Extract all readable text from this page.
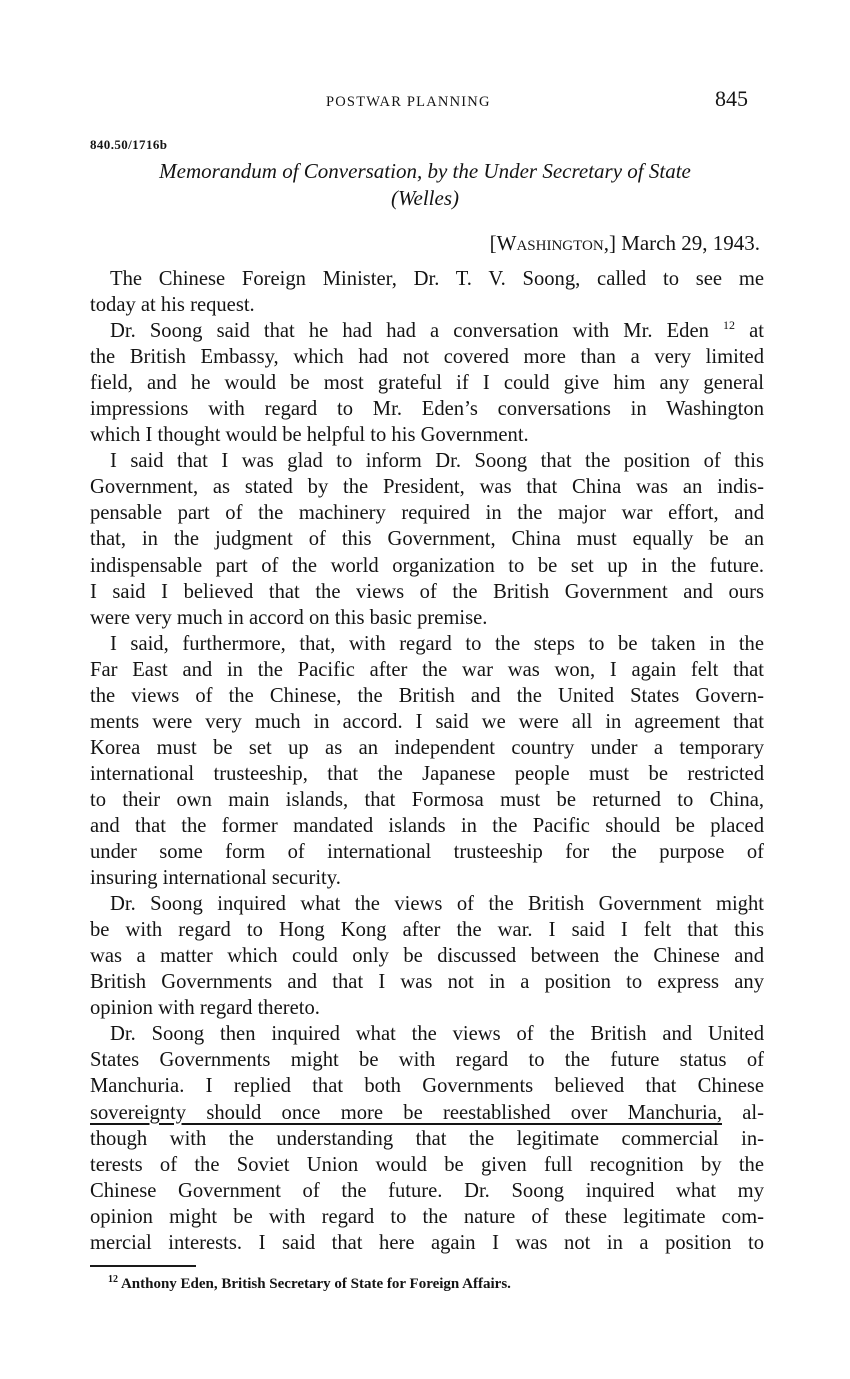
POSTWAR PLANNING	845
840.50/1716b
Memorandum of Conversation, by the Under Secretary of State
(Welles)
[Washington,] March 29, 1943.
The Chinese Foreign Minister, Dr. T. V. Soong, called to see me
today at his request.
Dr. Soong said that he had had a conversation with Mr. Eden $^{12}$ at
the British Embassy, which had not covered more than a very limited
field, and he would be most grateful if I could give him any general
impressions with regard to Mr. Eden’s conversations in Washington
which I thought would be helpful to his Government.
I said that I was glad to inform Dr. Soong that the position of this
Government, as stated by the President, was that China was an indis-
pensable part of the machinery required in the major war effort, and
that, in the judgment of this Government, China must equally be an
indispensable part of the world organization to be set up in the future.
I said I believed that the views of the British Government and ours
were very much in accord on this basic premise.
I said, furthermore, that, with regard to the steps to be taken in the
Far East and in the Pacific after the war was won, I again felt that
the views of the Chinese, the British and the United States Govern-
ments were very much in accord. I said we were all in agreement that
Korea must be set up as an independent country under a temporary
international trusteeship, that the Japanese people must be restricted
to their own main islands, that Formosa must be returned to China,
and that the former mandated islands in the Pacific should be placed
under some form of international trusteeship for the purpose of
insuring international security.
Dr. Soong inquired what the views of the British Government might
be with regard to Hong Kong after the war. I said I felt that this
was a matter which could only be discussed between the Chinese and
British Governments and that I was not in a position to express any
opinion with regard thereto.
Dr. Soong then inquired what the views of the British and United
States Governments might be with regard to the future status of
Manchuria. I replied that both Governments believed that Chinese
sovereignty should once more be reestablished over Manchuria, al-
though with the understanding that the legitimate commercial in-
terests of the Soviet Union would be given full recognition by the
Chinese Government of the future. Dr. Soong inquired what my
opinion might be with regard to the nature of these legitimate com-
mercial interests. I said that here again I was not in a position to
$^{12}$ Anthony Eden, British Secretary of State for Foreign Affairs.
